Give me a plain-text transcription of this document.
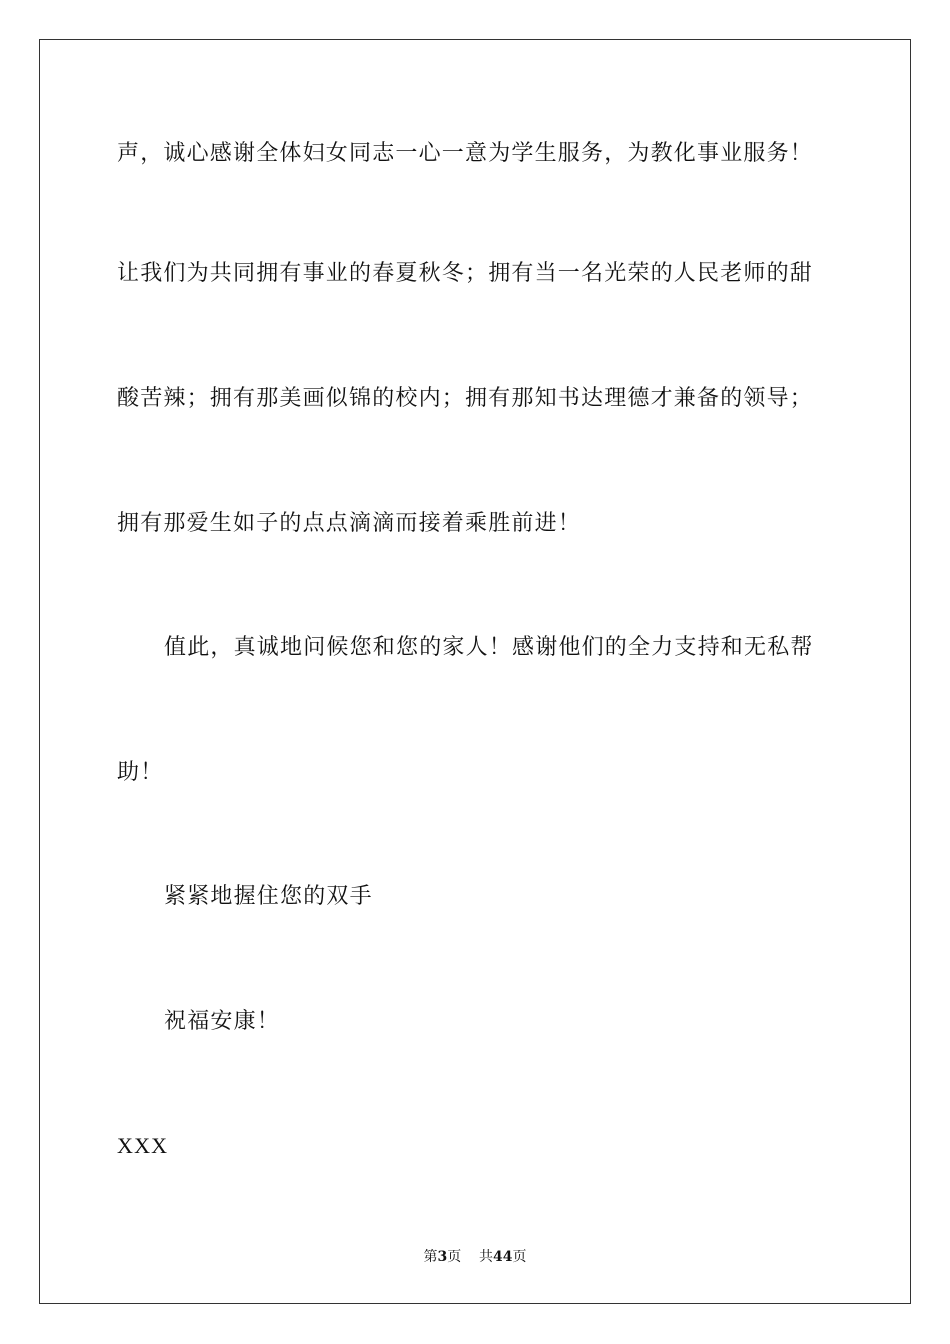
声，诚心感谢全体妇女同志一心一意为学生服务，为教化事业服务！
让我们为共同拥有事业的春夏秋冬；拥有当一名光荣的人民老师的甜
酸苦辣；拥有那美画似锦的校内；拥有那知书达理德才兼备的领导；
拥有那爱生如子的点点滴滴而接着乘胜前进！
值此，真诚地问候您和您的家人！感谢他们的全力支持和无私帮
助！
紧紧地握住您的双手
祝福安康！
XXX
第3页    共44页
